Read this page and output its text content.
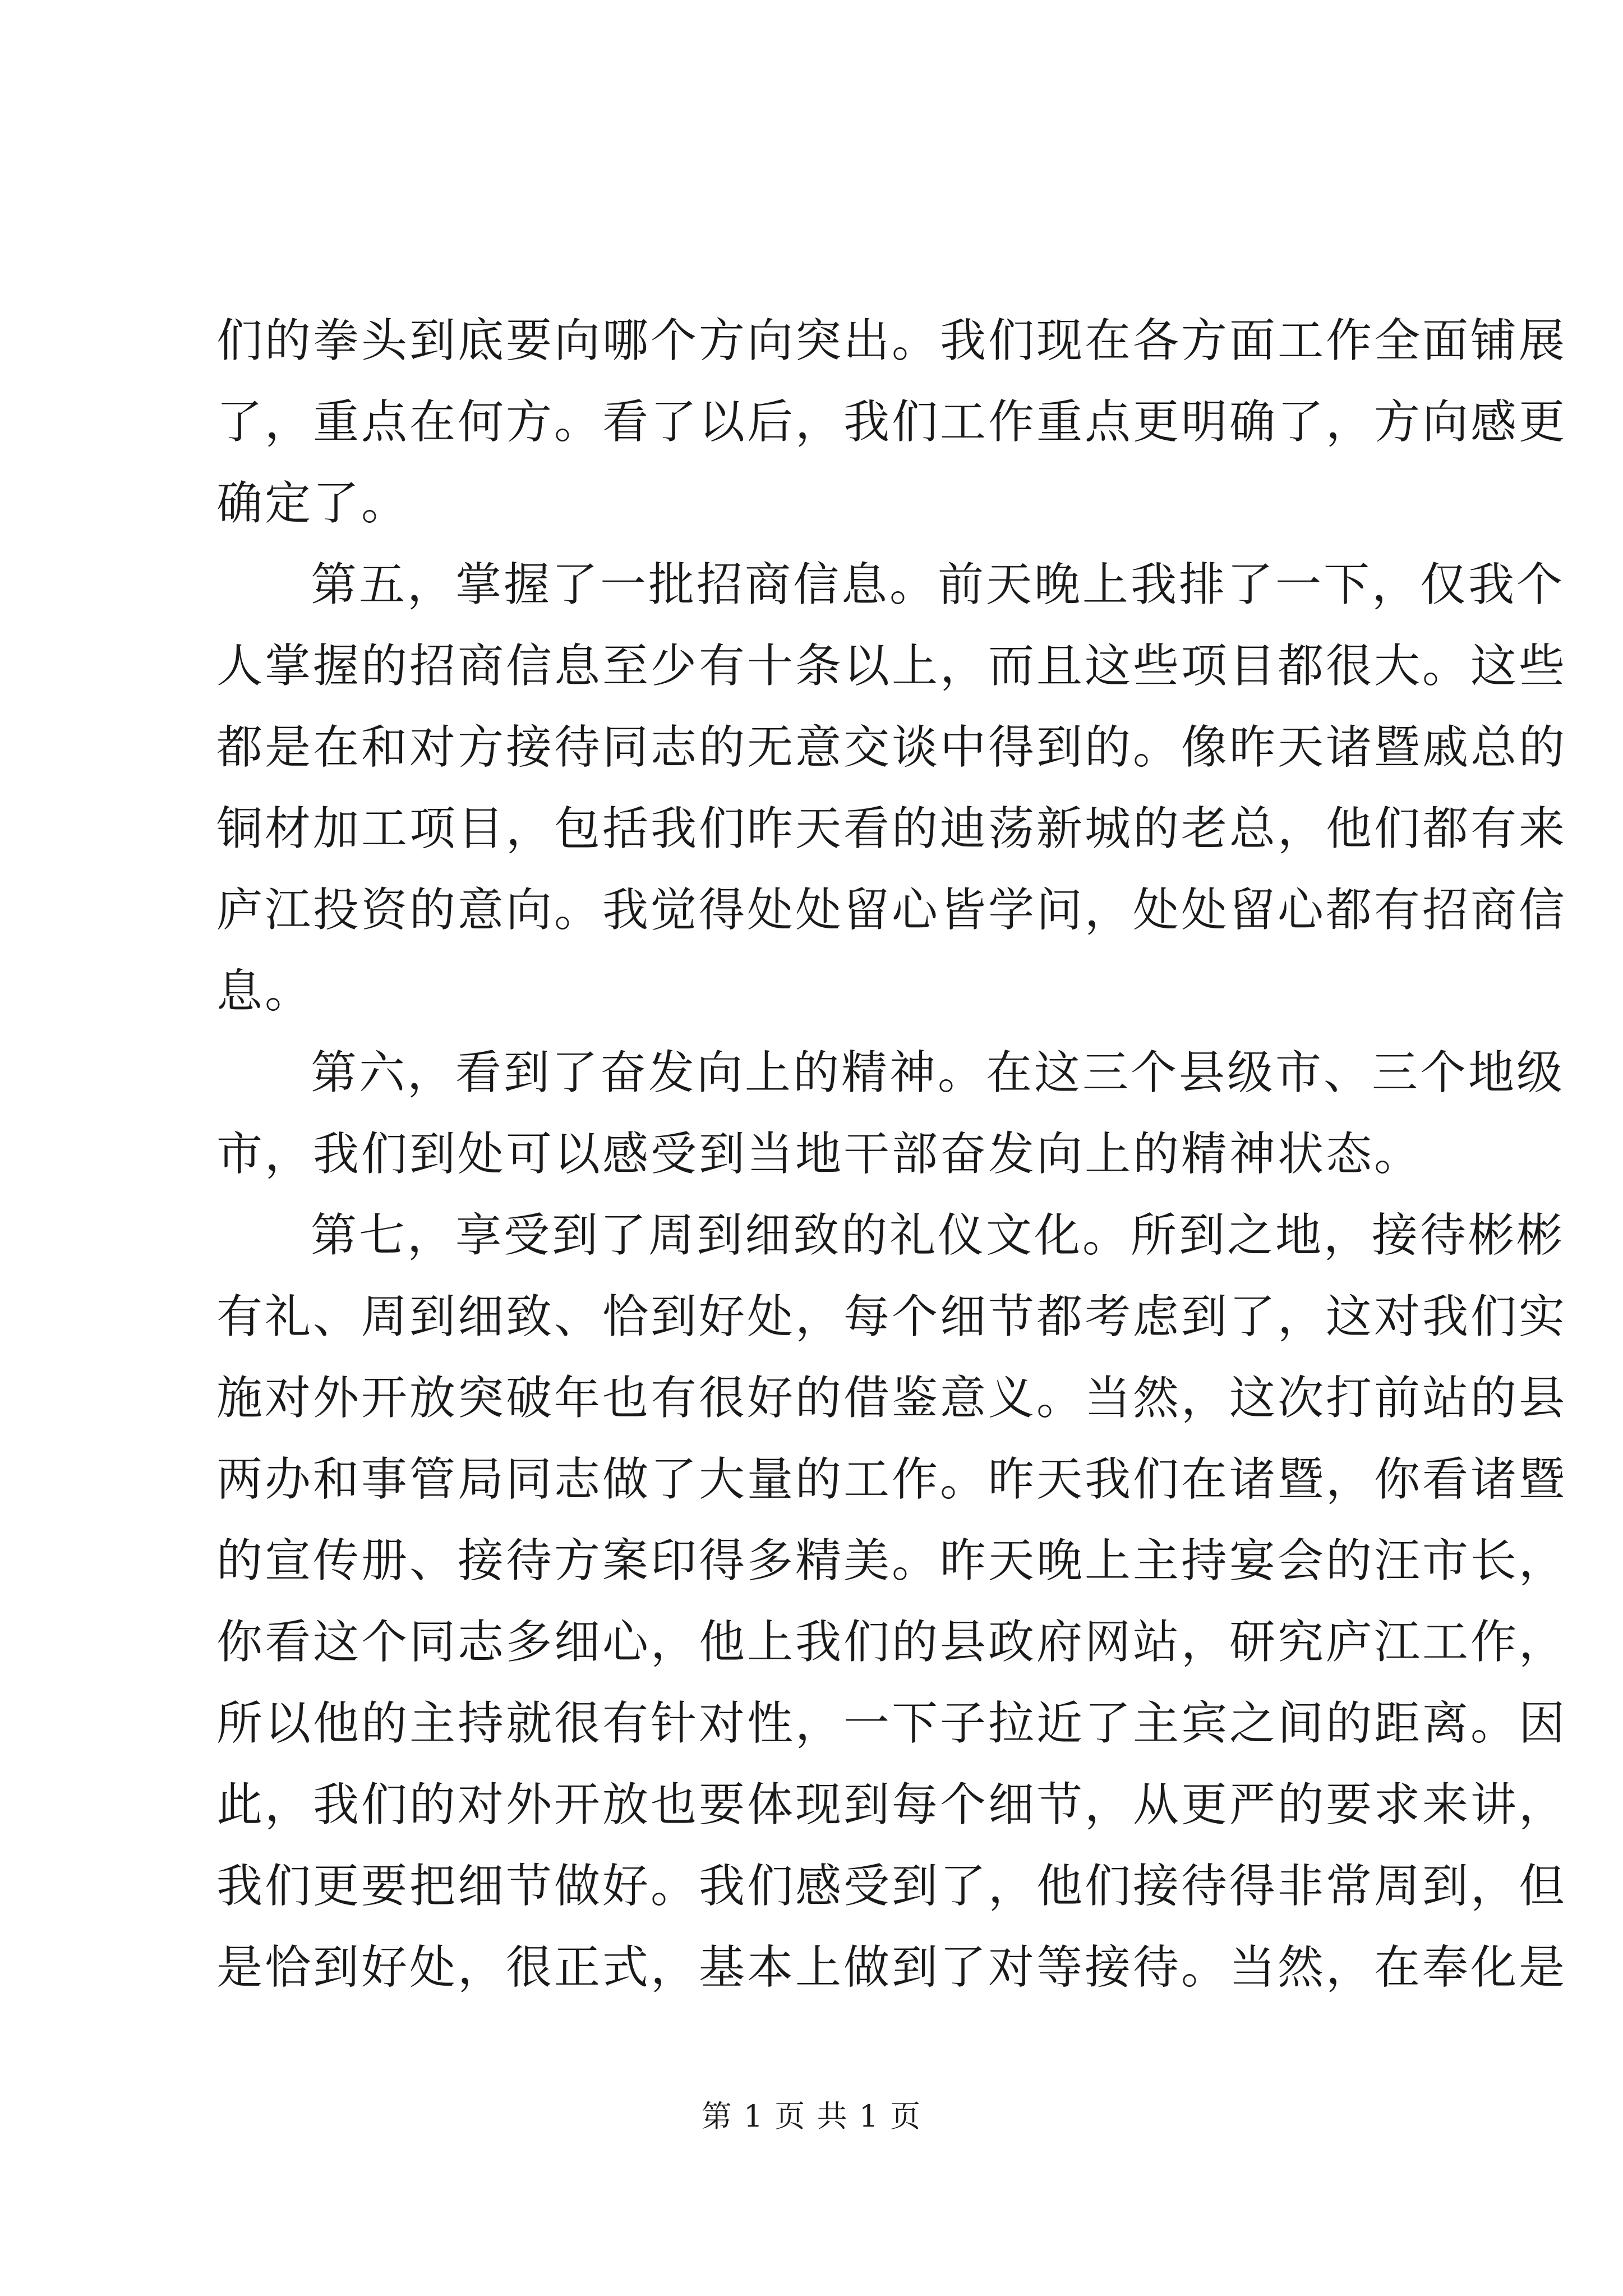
们的拳头到底要向哪个方向突出。我们现在各方面工作全面铺展
了，重点在何方。看了以后，我们工作重点更明确了，方向感更
确定了。
第五，掌握了一批招商信息。前天晚上我排了一下，仅我个
人掌握的招商信息至少有十条以上，而且这些项目都很大。这些
都是在和对方接待同志的无意交谈中得到的。像昨天诸暨戚总的
铜材加工项目，包括我们昨天看的迪荡新城的老总，他们都有来
庐江投资的意向。我觉得处处留心皆学问，处处留心都有招商信
息。
第六，看到了奋发向上的精神。在这三个县级市、三个地级
市，我们到处可以感受到当地干部奋发向上的精神状态。
第七，享受到了周到细致的礼仪文化。所到之地，接待彬彬
有礼、周到细致、恰到好处，每个细节都考虑到了，这对我们实
施对外开放突破年也有很好的借鉴意义。当然，这次打前站的县
两办和事管局同志做了大量的工作。昨天我们在诸暨，你看诸暨
的宣传册、接待方案印得多精美。昨天晚上主持宴会的汪市长，
你看这个同志多细心，他上我们的县政府网站，研究庐江工作，
所以他的主持就很有针对性，一下子拉近了主宾之间的距离。因
此，我们的对外开放也要体现到每个细节，从更严的要求来讲，
我们更要把细节做好。我们感受到了，他们接待得非常周到，但
是恰到好处，很正式，基本上做到了对等接待。当然，在奉化是
第 1 页 共 1 页
